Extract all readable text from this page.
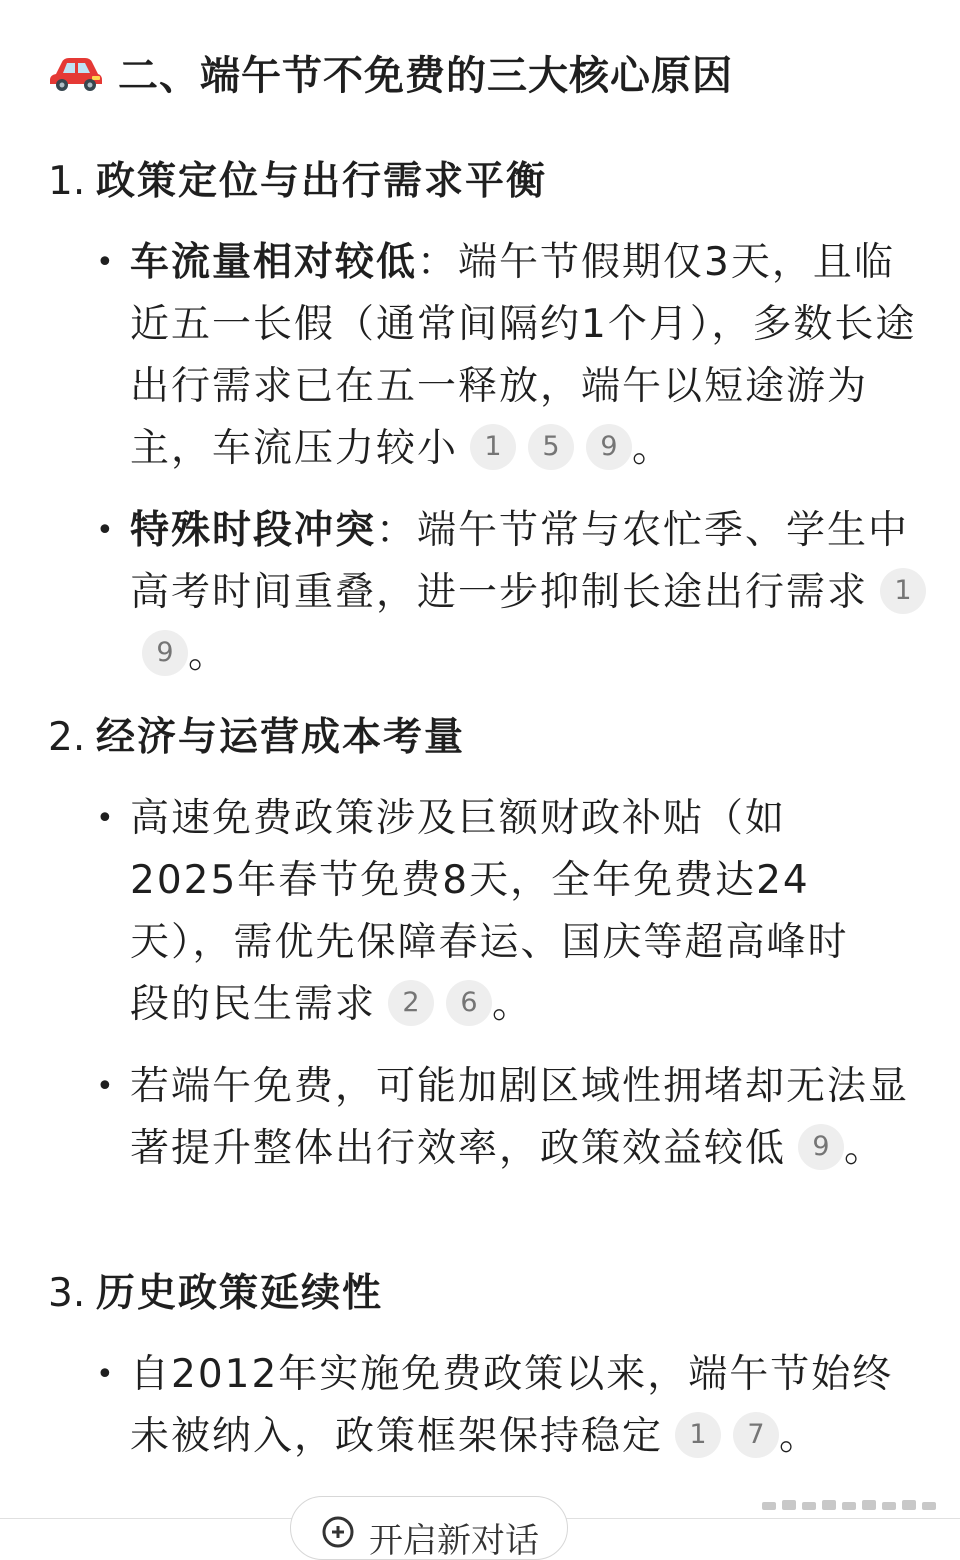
二、端午节不免费的三大核心原因
1. 政策定位与出行需求平衡
• 车流量相对较低：端午节假期仅3天，且临近五一长假（通常间隔约1个月），多数长途出行需求已在五一释放，端午以短途游为主，车流压力较小 1 5 9 。
• 特殊时段冲突：端午节常与农忙季、学生中高考时间重叠，进一步抑制长途出行需求 19 。
2. 经济与运营成本考量
• 高速免费政策涉及巨额财政补贴（如2025年春节免费8天，全年免费达24天），需优先保障春运、国庆等超高峰时段的民生需求 2 6 。
• 若端午免费，可能加剧区域性拥堵却无法显著提升整体出行效率，政策效益较低 9 。
3. 历史政策延续性
• 自2012年实施免费政策以来，端午节始终未被纳入，政策框架保持稳定 1 7 。
开启新对话
